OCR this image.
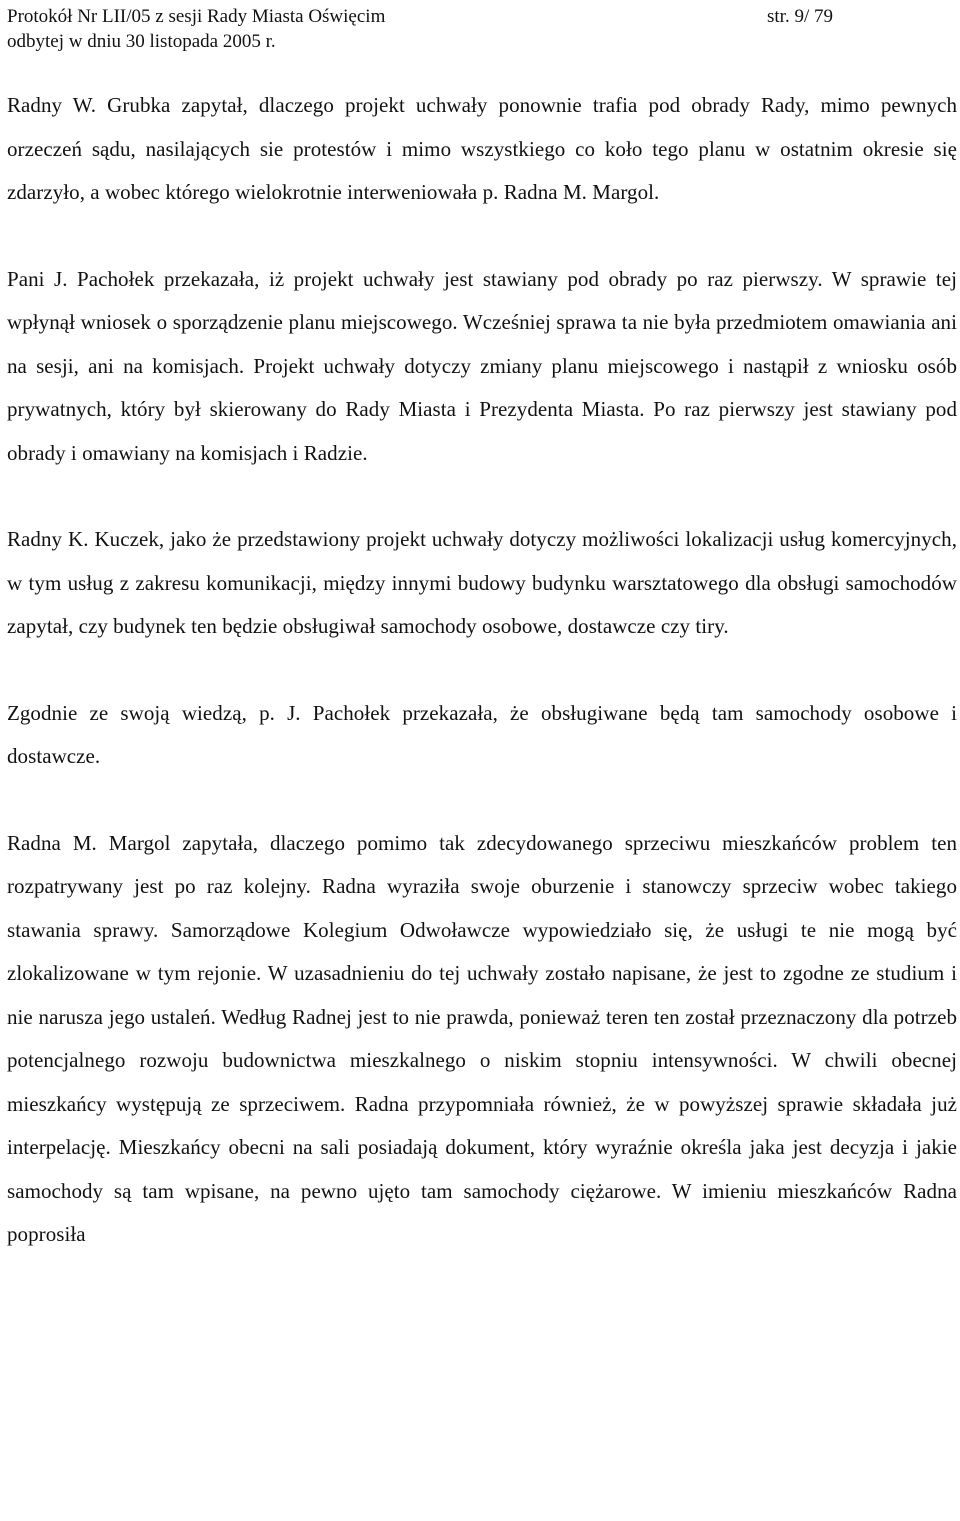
Protokół Nr LII/05 z sesji Rady Miasta Oświęcim	str. 9/ 79
odbytej w dniu 30 listopada 2005 r.

Radny W. Grubka zapytał, dlaczego projekt uchwały ponownie trafia pod obrady Rady, mimo pewnych orzeczeń sądu, nasilających sie protestów i mimo wszystkiego co koło tego planu w ostatnim okresie się zdarzyło, a wobec którego wielokrotnie interweniowała p. Radna M. Margol.

Pani J. Pachołek przekazała, iż projekt uchwały jest stawiany pod obrady po raz pierwszy. W sprawie tej wpłynął wniosek o sporządzenie planu miejscowego. Wcześniej sprawa ta nie była przedmiotem omawiania ani na sesji, ani na komisjach. Projekt uchwały dotyczy zmiany planu miejscowego i nastąpił z wniosku osób prywatnych, który był skierowany do Rady Miasta i Prezydenta Miasta. Po raz pierwszy jest stawiany pod obrady i omawiany na komisjach i Radzie.

Radny K. Kuczek, jako że przedstawiony projekt uchwały dotyczy możliwości lokalizacji usług komercyjnych, w tym usług z zakresu komunikacji, między innymi budowy budynku warsztatowego dla obsługi samochodów zapytał, czy budynek ten będzie obsługiwał samochody osobowe, dostawcze czy tiry.

Zgodnie ze swoją wiedzą, p. J. Pachołek przekazała, że obsługiwane będą tam samochody osobowe i dostawcze.

Radna M. Margol zapytała, dlaczego pomimo tak zdecydowanego sprzeciwu mieszkańców problem ten rozpatrywany jest po raz kolejny. Radna wyraziła swoje oburzenie i stanowczy sprzeciw wobec takiego stawania sprawy. Samorządowe Kolegium Odwoławcze wypowiedziało się, że usługi te nie mogą być zlokalizowane w tym rejonie. W uzasadnieniu do tej uchwały zostało napisane, że jest to zgodne ze studium i nie narusza jego ustaleń. Według Radnej jest to nie prawda, ponieważ teren ten został przeznaczony dla potrzeb potencjalnego rozwoju budownictwa mieszkalnego o niskim stopniu intensywności. W chwili obecnej mieszkańcy występują ze sprzeciwem. Radna przypomniała również, że w powyższej sprawie składała już interpelację. Mieszkańcy obecni na sali posiadają dokument, który wyraźnie określa jaka jest decyzja i jakie samochody są tam wpisane, na pewno ujęto tam samochody ciężarowe. W imieniu mieszkańców Radna poprosiła
